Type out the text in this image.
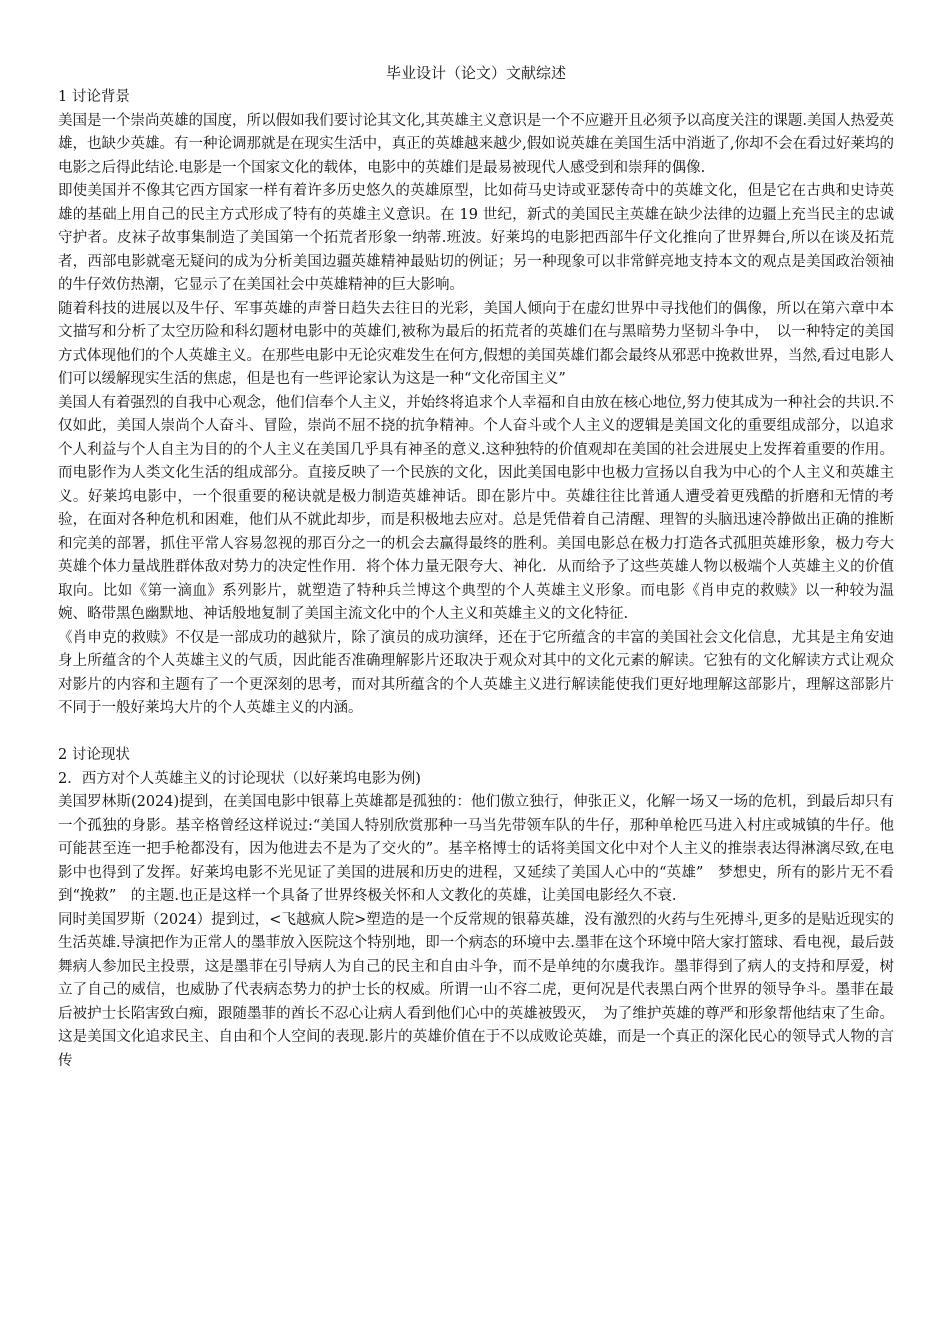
毕业设计（论文）文献综述
1 讨论背景

美国是一个崇尚英雄的国度，所以假如我们要讨论其文化,其英雄主义意识是一个不应避开且必须予以高度关注的课题.美国人热爱英雄，也缺少英雄。有一种论调那就是在现实生活中，真正的英雄越来越少,假如说英雄在美国生活中消逝了,你却不会在看过好莱坞的电影之后得此结论.电影是一个国家文化的载体，电影中的英雄们是最易被现代人感受到和崇拜的偶像.

即使美国并不像其它西方国家一样有着许多历史悠久的英雄原型，比如荷马史诗或亚瑟传奇中的英雄文化，但是它在古典和史诗英雄的基础上用自己的民主方式形成了特有的英雄主义意识。在 19 世纪，新式的美国民主英雄在缺少法律的边疆上充当民主的忠诚守护者。皮袜子故事集制造了美国第一个拓荒者形象一纳蒂.班波。好莱坞的电影把西部牛仔文化推向了世界舞台,所以在谈及拓荒者，西部电影就毫无疑问的成为分析美国边疆英雄精神最贴切的例证；另一种现象可以非常鲜亮地支持本文的观点是美国政治领袖的牛仔效仿热潮，它显示了在美国社会中英雄精神的巨大影响。

随着科技的进展以及牛仔、军事英雄的声誉日趋失去往日的光彩，美国人倾向于在虚幻世界中寻找他们的偶像，所以在第六章中本文描写和分析了太空历险和科幻题材电影中的英雄们,被称为最后的拓荒者的英雄们在与黑暗势力坚韧斗争中，　以一种特定的美国方式体现他们的个人英雄主义。在那些电影中无论灾难发生在何方,假想的美国英雄们都会最终从邪恶中挽救世界，当然,看过电影人们可以缓解现实生活的焦虑，但是也有一些评论家认为这是一种“文化帝国主义”

美国人有着强烈的自我中心观念，他们信奉个人主义，并始终将追求个人幸福和自由放在核心地位,努力使其成为一种社会的共识.不仅如此，美国人崇尚个人奋斗、冒险，崇尚不屈不挠的抗争精神。个人奋斗或个人主义的逻辑是美国文化的重要组成部分，以追求个人利益与个人自主为目的的个人主义在美国几乎具有神圣的意义.这种独特的价值观却在美国的社会进展史上发挥着重要的作用。而电影作为人类文化生活的组成部分。直接反映了一个民族的文化，因此美国电影中也极力宣扬以自我为中心的个人主义和英雄主义。好莱坞电影中，一个很重要的秘诀就是极力制造英雄神话。即在影片中。英雄往往比普通人遭受着更残酷的折磨和无情的考验，在面对各种危机和困难，他们从不就此却步，而是积极地去应对。总是凭借着自己清醒、理智的头脑迅速冷静做出正确的推断和完美的部署，抓住平常人容易忽视的那百分之一的机会去赢得最终的胜利。美国电影总在极力打造各式孤胆英雄形象，极力夸大英雄个体力量战胜群体敌对势力的决定性作用．将个体力量无限夸大、神化．从而给予了这些英雄人物以极端个人英雄主义的价值取向。比如《第一滴血》系列影片，就塑造了特种兵兰博这个典型的个人英雄主义形象。而电影《肖申克的救赎》以一种较为温婉、略带黑色幽默地、神话般地复制了美国主流文化中的个人主义和英雄主义的文化特征.

《肖申克的救赎》不仅是一部成功的越狱片，除了演员的成功演绎，还在于它所蕴含的丰富的美国社会文化信息，尤其是主角安迪身上所蕴含的个人英雄主义的气质，因此能否准确理解影片还取决于观众对其中的文化元素的解读。它独有的文化解读方式让观众对影片的内容和主题有了一个更深刻的思考，而对其所蕴含的个人英雄主义进行解读能使我们更好地理解这部影片，理解这部影片不同于一般好莱坞大片的个人英雄主义的内涵。

2 讨论现状
2．西方对个人英雄主义的讨论现状（以好莱坞电影为例)

美国罗林斯(2024)提到，在美国电影中银幕上英雄都是孤独的：他们傲立独行，伸张正义，化解一场又一场的危机，到最后却只有一个孤独的身影。基辛格曾经这样说过:“美国人特别欣赏那种一马当先带领车队的牛仔，那种单枪匹马进入村庄或城镇的牛仔。他可能甚至连一把手枪都没有，因为他进去不是为了交火的”。基辛格博士的话将美国文化中对个人主义的推崇表达得淋漓尽致,在电影中也得到了发挥。好莱坞电影不光见证了美国的进展和历史的进程，又延续了美国人心中的“英雄”　梦想史，所有的影片无不看到“挽救”　的主题.也正是这样一个具备了世界终极关怀和人文教化的英雄，让美国电影经久不衰.

同时美国罗斯（2024）提到过，<飞越疯人院>塑造的是一个反常规的银幕英雄，没有激烈的火药与生死搏斗,更多的是贴近现实的生活英雄.导演把作为正常人的墨菲放入医院这个特别地，即一个病态的环境中去.墨菲在这个环境中陪大家打篮球、看电视，最后鼓舞病人参加民主投票，这是墨菲在引导病人为自己的民主和自由斗争，而不是单纯的尔虞我诈。墨菲得到了病人的支持和厚爱，树立了自己的威信，也威胁了代表病态势力的护士长的权威。所谓一山不容二虎，更何况是代表黑白两个世界的领导争斗。墨菲在最后被护士长陷害致白痴，跟随墨菲的酋长不忍心让病人看到他们心中的英雄被毁灭，　为了维护英雄的尊严和形象帮他结束了生命。这是美国文化追求民主、自由和个人空间的表现.影片的英雄价值在于不以成败论英雄，而是一个真正的深化民心的领导式人物的言传
